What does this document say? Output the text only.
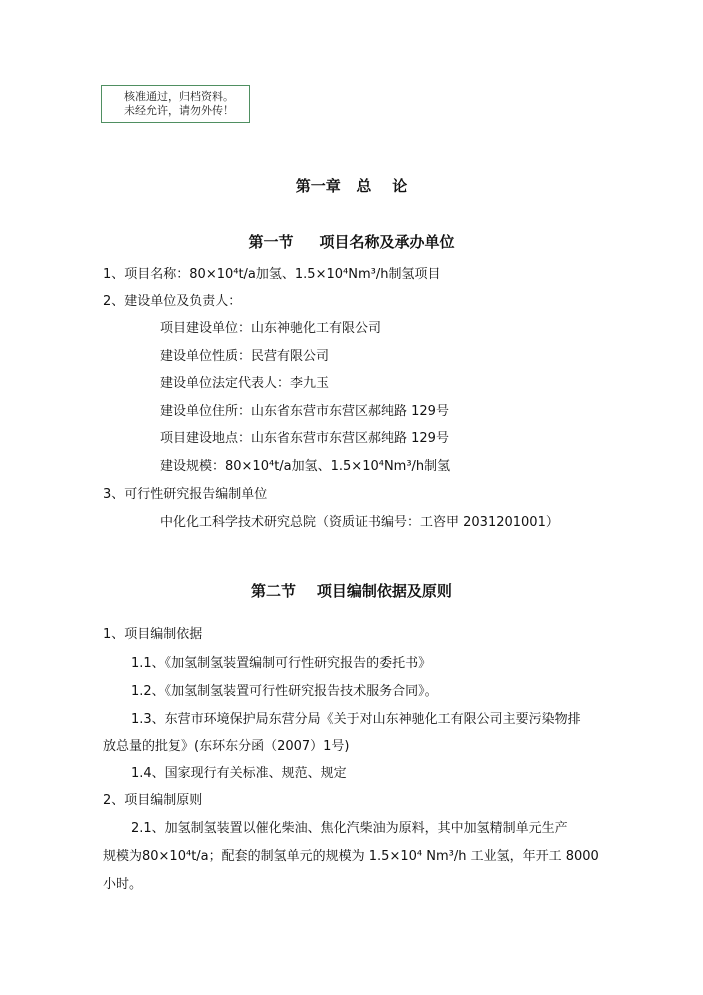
核准通过，归档资料。
未经允许，请勿外传！
第一章   总    论
第一节     项目名称及承办单位
1、项目名称：80×10⁴t/a加氢、1.5×10⁴Nm³/h制氢项目
2、建设单位及负责人：
项目建设单位：山东神驰化工有限公司
建设单位性质：民营有限公司
建设单位法定代表人：李九玉
建设单位住所：山东省东营市东营区郝纯路 129号
项目建设地点：山东省东营市东营区郝纯路 129号
建设规模：80×10⁴t/a加氢、1.5×10⁴Nm³/h制氢
3、可行性研究报告编制单位
中化化工科学技术研究总院（资质证书编号：工咨甲 2031201001）
第二节    项目编制依据及原则
1、项目编制依据
1.1、《加氢制氢装置编制可行性研究报告的委托书》
1.2、《加氢制氢装置可行性研究报告技术服务合同》。
1.3、东营市环境保护局东营分局《关于对山东神驰化工有限公司主要污染物排
放总量的批复》(东环东分函（2007）1号)
1.4、国家现行有关标准、规范、规定
2、项目编制原则
2.1、加氢制氢装置以催化柴油、焦化汽柴油为原料，其中加氢精制单元生产
规模为80×10⁴t/a；配套的制氢单元的规模为 1.5×10⁴ Nm³/h 工业氢，年开工 8000
小时。
